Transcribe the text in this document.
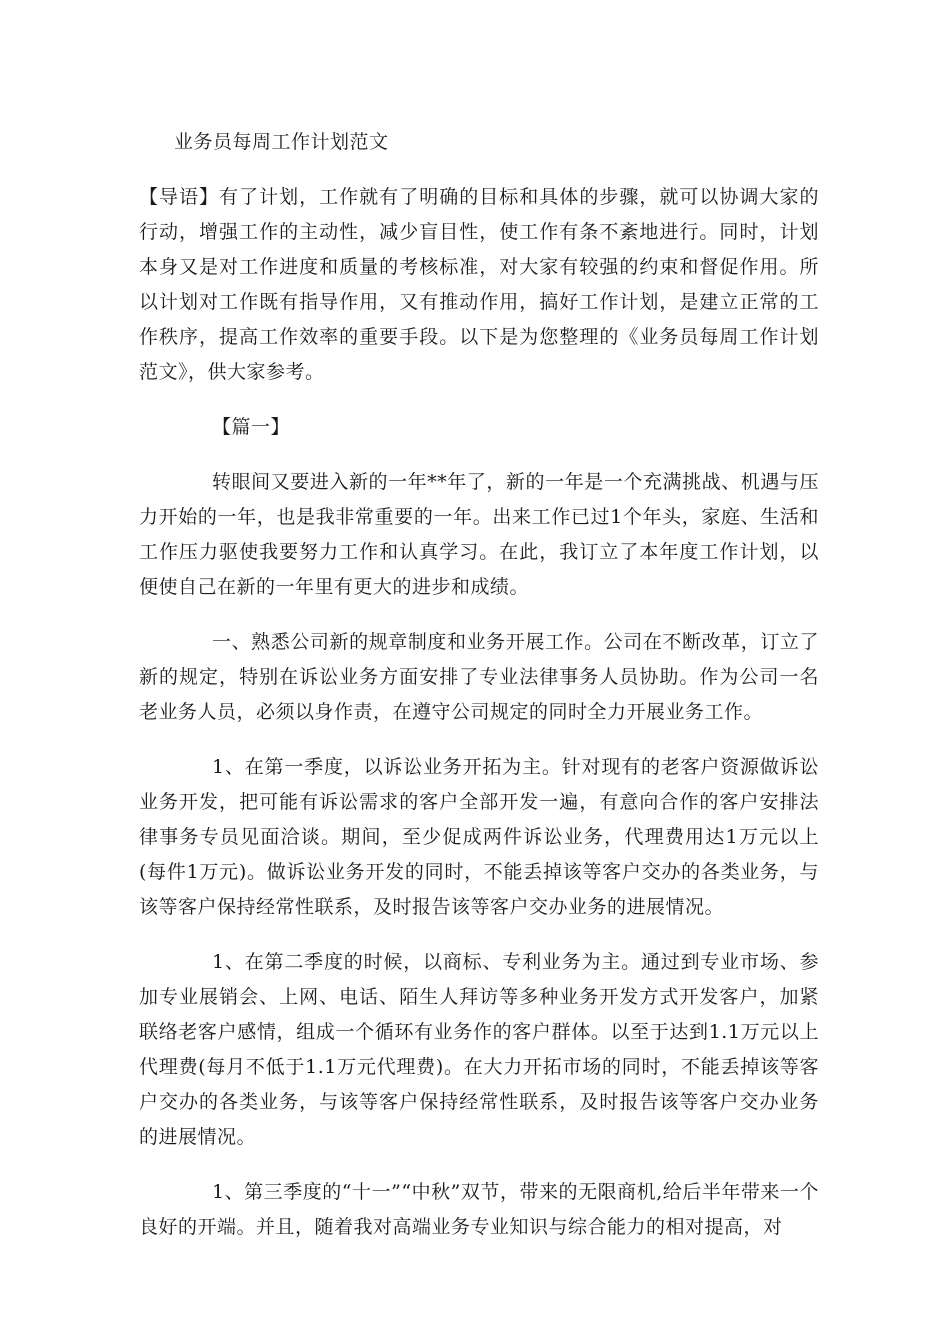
业务员每周工作计划范文

【导语】有了计划，工作就有了明确的目标和具体的步骤，就可以协调大家的行动，增强工作的主动性，减少盲目性，使工作有条不紊地进行。同时，计划本身又是对工作进度和质量的考核标准，对大家有较强的约束和督促作用。所以计划对工作既有指导作用，又有推动作用，搞好工作计划，是建立正常的工作秩序，提高工作效率的重要手段。以下是为您整理的《业务员每周工作计划范文》，供大家参考。

【篇一】

转眼间又要进入新的一年**年了，新的一年是一个充满挑战、机遇与压力开始的一年，也是我非常重要的一年。出来工作已过1个年头，家庭、生活和工作压力驱使我要努力工作和认真学习。在此，我订立了本年度工作计划，以便使自己在新的一年里有更大的进步和成绩。

一、熟悉公司新的规章制度和业务开展工作。公司在不断改革，订立了新的规定，特别在诉讼业务方面安排了专业法律事务人员协助。作为公司一名老业务人员，必须以身作责，在遵守公司规定的同时全力开展业务工作。

1、在第一季度，以诉讼业务开拓为主。针对现有的老客户资源做诉讼业务开发，把可能有诉讼需求的客户全部开发一遍，有意向合作的客户安排法律事务专员见面洽谈。期间，至少促成两件诉讼业务，代理费用达1万元以上(每件1万元)。做诉讼业务开发的同时，不能丢掉该等客户交办的各类业务，与该等客户保持经常性联系，及时报告该等客户交办业务的进展情况。

1、在第二季度的时候，以商标、专利业务为主。通过到专业市场、参加专业展销会、上网、电话、陌生人拜访等多种业务开发方式开发客户，加紧联络老客户感情，组成一个循环有业务作的客户群体。以至于达到1.1万元以上代理费(每月不低于1.1万元代理费)。在大力开拓市场的同时，不能丢掉该等客户交办的各类业务，与该等客户保持经常性联系，及时报告该等客户交办业务的进展情况。

1、第三季度的“十一”“中秋”双节，带来的无限商机,给后半年带来一个良好的开端。并且，随着我对高端业务专业知识与综合能力的相对提高，对
